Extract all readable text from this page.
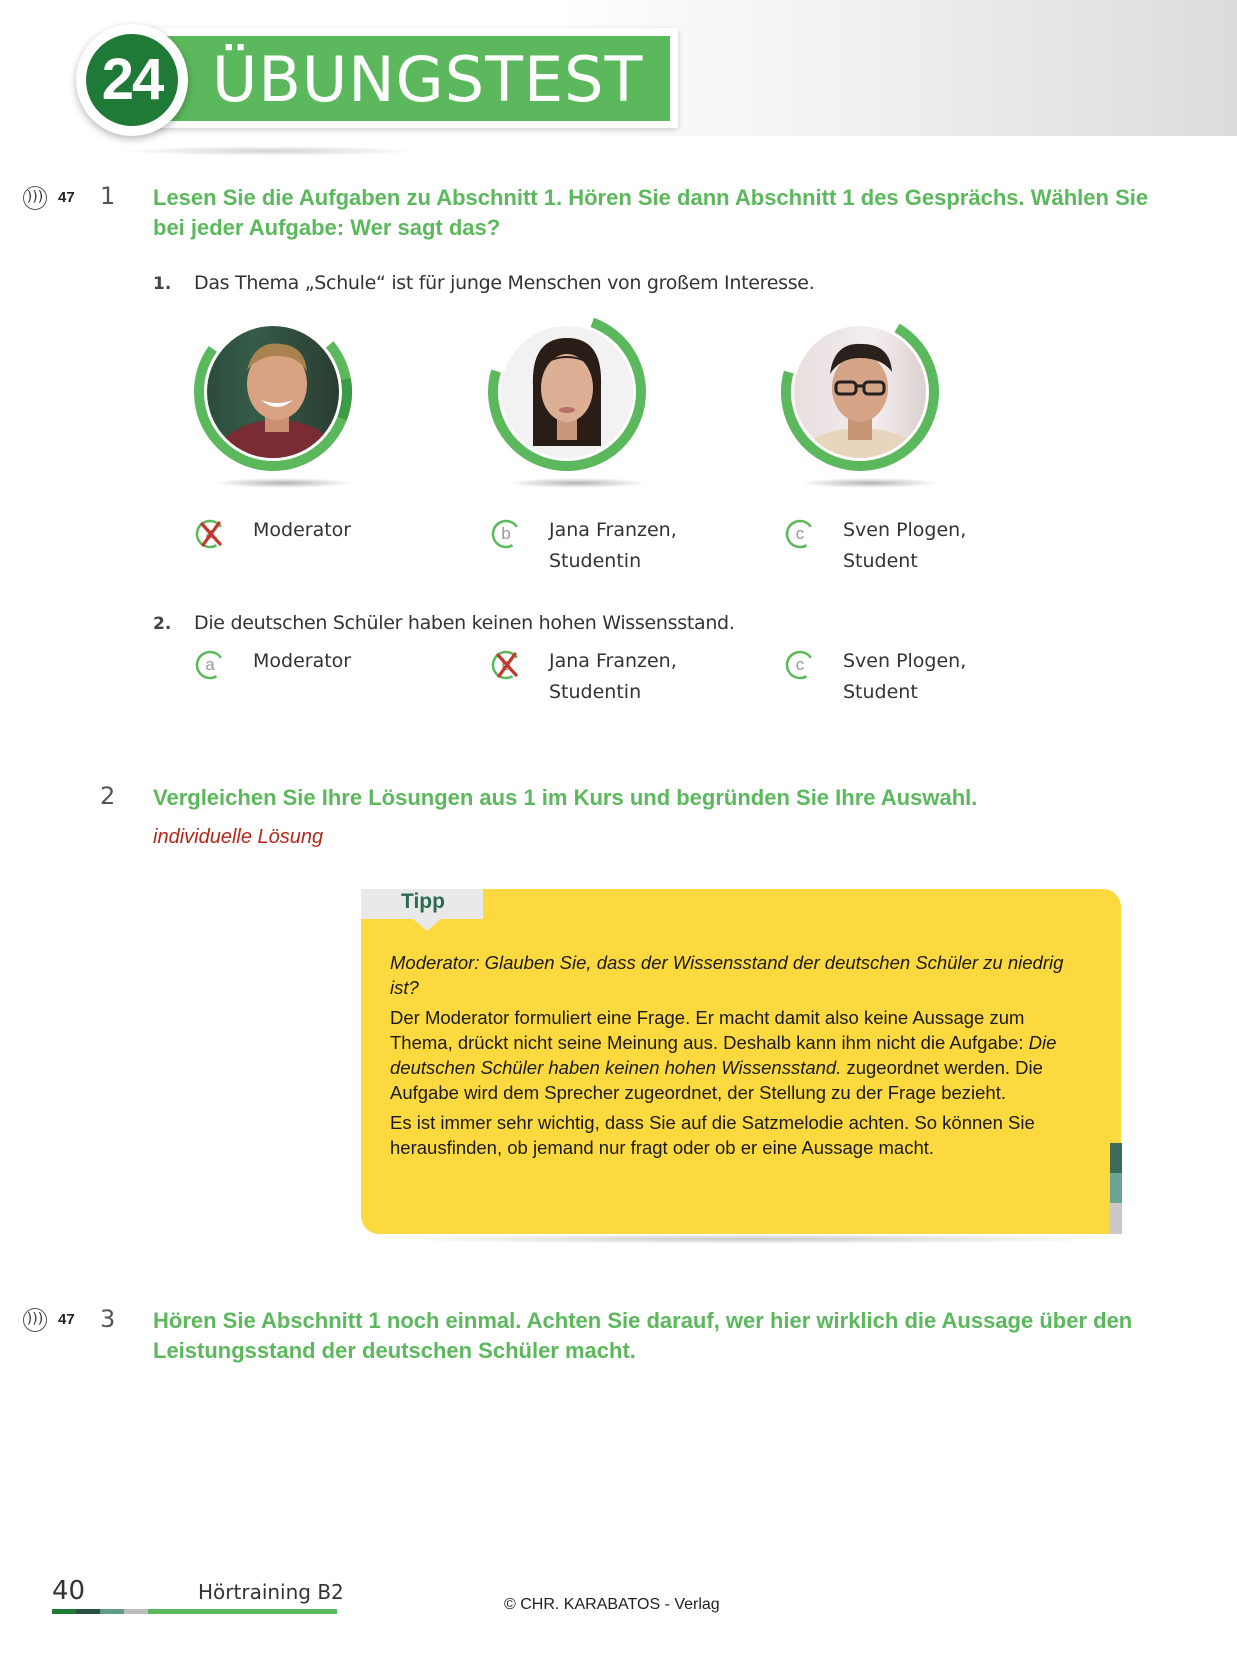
ÜBUNGSTEST
24
))) 47 1 Lesen Sie die Aufgaben zu Abschnitt 1. Hören Sie dann Abschnitt 1 des Gesprächs. Wählen Sie
bei jeder Aufgabe: Wer sagt das?
1. Das Thema „Schule“ ist für junge Menschen von großem Interesse.
a	Moderator	b	Jana Franzen,
Studentin
c	Sven Plogen,
Student
2. Die deutschen Schüler haben keinen hohen Wissensstand.
a	Moderator	b	Jana Franzen,
Studentin
c	Sven Plogen,
Student
2 Vergleichen Sie Ihre Lösungen aus 1 im Kurs und begründen Sie Ihre Auswahl.
individuelle Lösung
Tipp

Moderator: Glauben Sie, dass der Wissensstand der deutschen Schüler zu niedrig ist?

Der Moderator formuliert eine Frage. Er macht damit also keine Aussage zum Thema, drückt nicht seine Meinung aus. Deshalb kann ihm nicht die Aufgabe: Die deutschen Schüler haben keinen hohen Wissensstand. zugeordnet werden. Die Aufgabe wird dem Sprecher zugeordnet, der Stellung zu der Frage bezieht.

Es ist immer sehr wichtig, dass Sie auf die Satzmelodie achten. So können Sie herausfinden, ob jemand nur fragt oder ob er eine Aussage macht.

))) 47 3 Hören Sie Abschnitt 1 noch einmal. Achten Sie darauf, wer hier wirklich die Aussage über den
Leistungsstand der deutschen Schüler macht.
40	Hörtraining B2
© CHR. KARABATOS - Verlag
